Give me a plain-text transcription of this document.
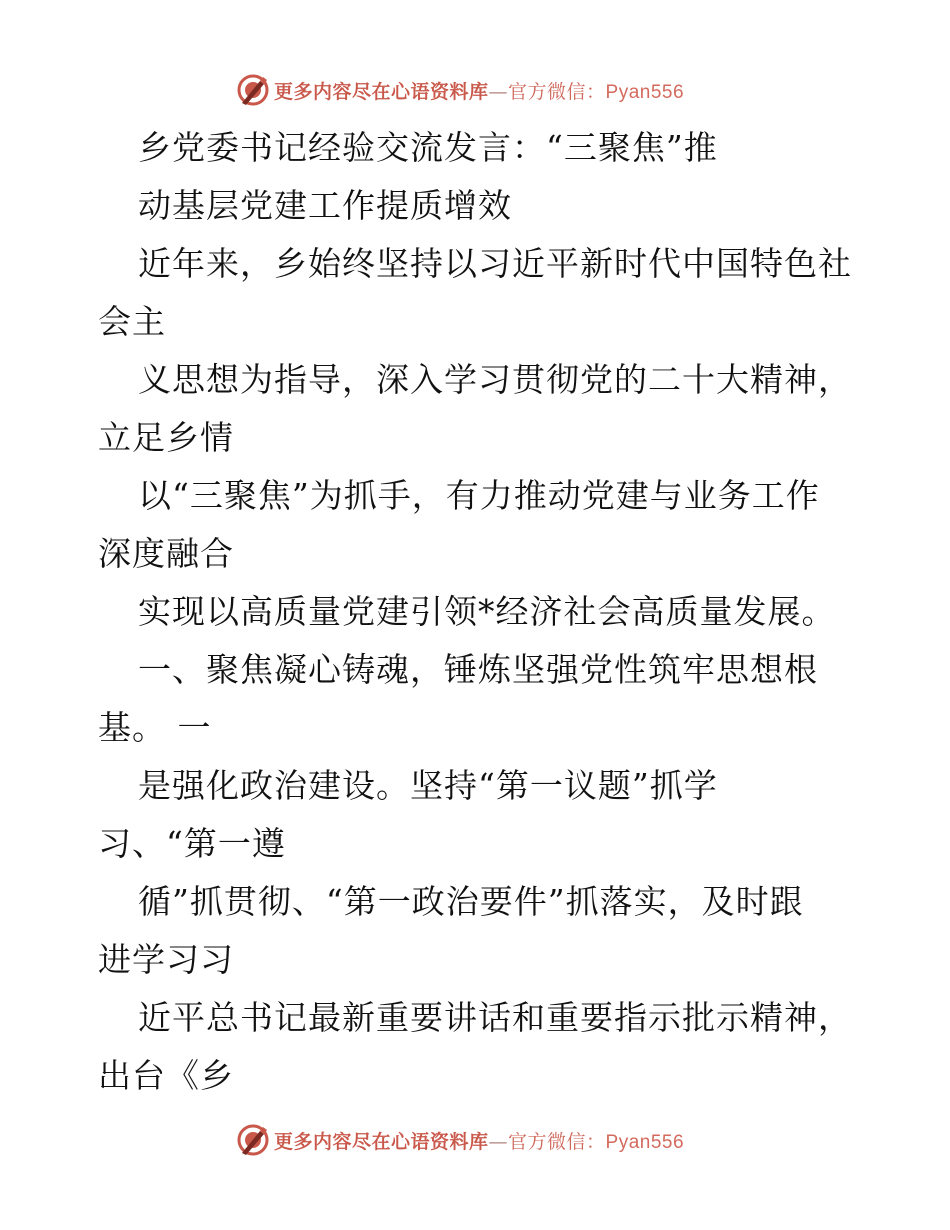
更多内容尽在心语资料库—官方微信：Pyan556
乡党委书记经验交流发言：“三聚焦”推
动基层党建工作提质增效
近年来，乡始终坚持以习近平新时代中国特色社
会主
义思想为指导，深入学习贯彻党的二十大精神，
立足乡情
以“三聚焦”为抓手，有力推动党建与业务工作
深度融合
实现以高质量党建引领*经济社会高质量发展。
一、聚焦凝心铸魂，锤炼坚强党性筑牢思想根
基。 一
是强化政治建设。坚持“第一议题”抓学
习、“第一遵
循”抓贯彻、“第一政治要件”抓落实，及时跟
进学习习
近平总书记最新重要讲话和重要指示批示精神，
出台《乡
更多内容尽在心语资料库—官方微信：Pyan556
